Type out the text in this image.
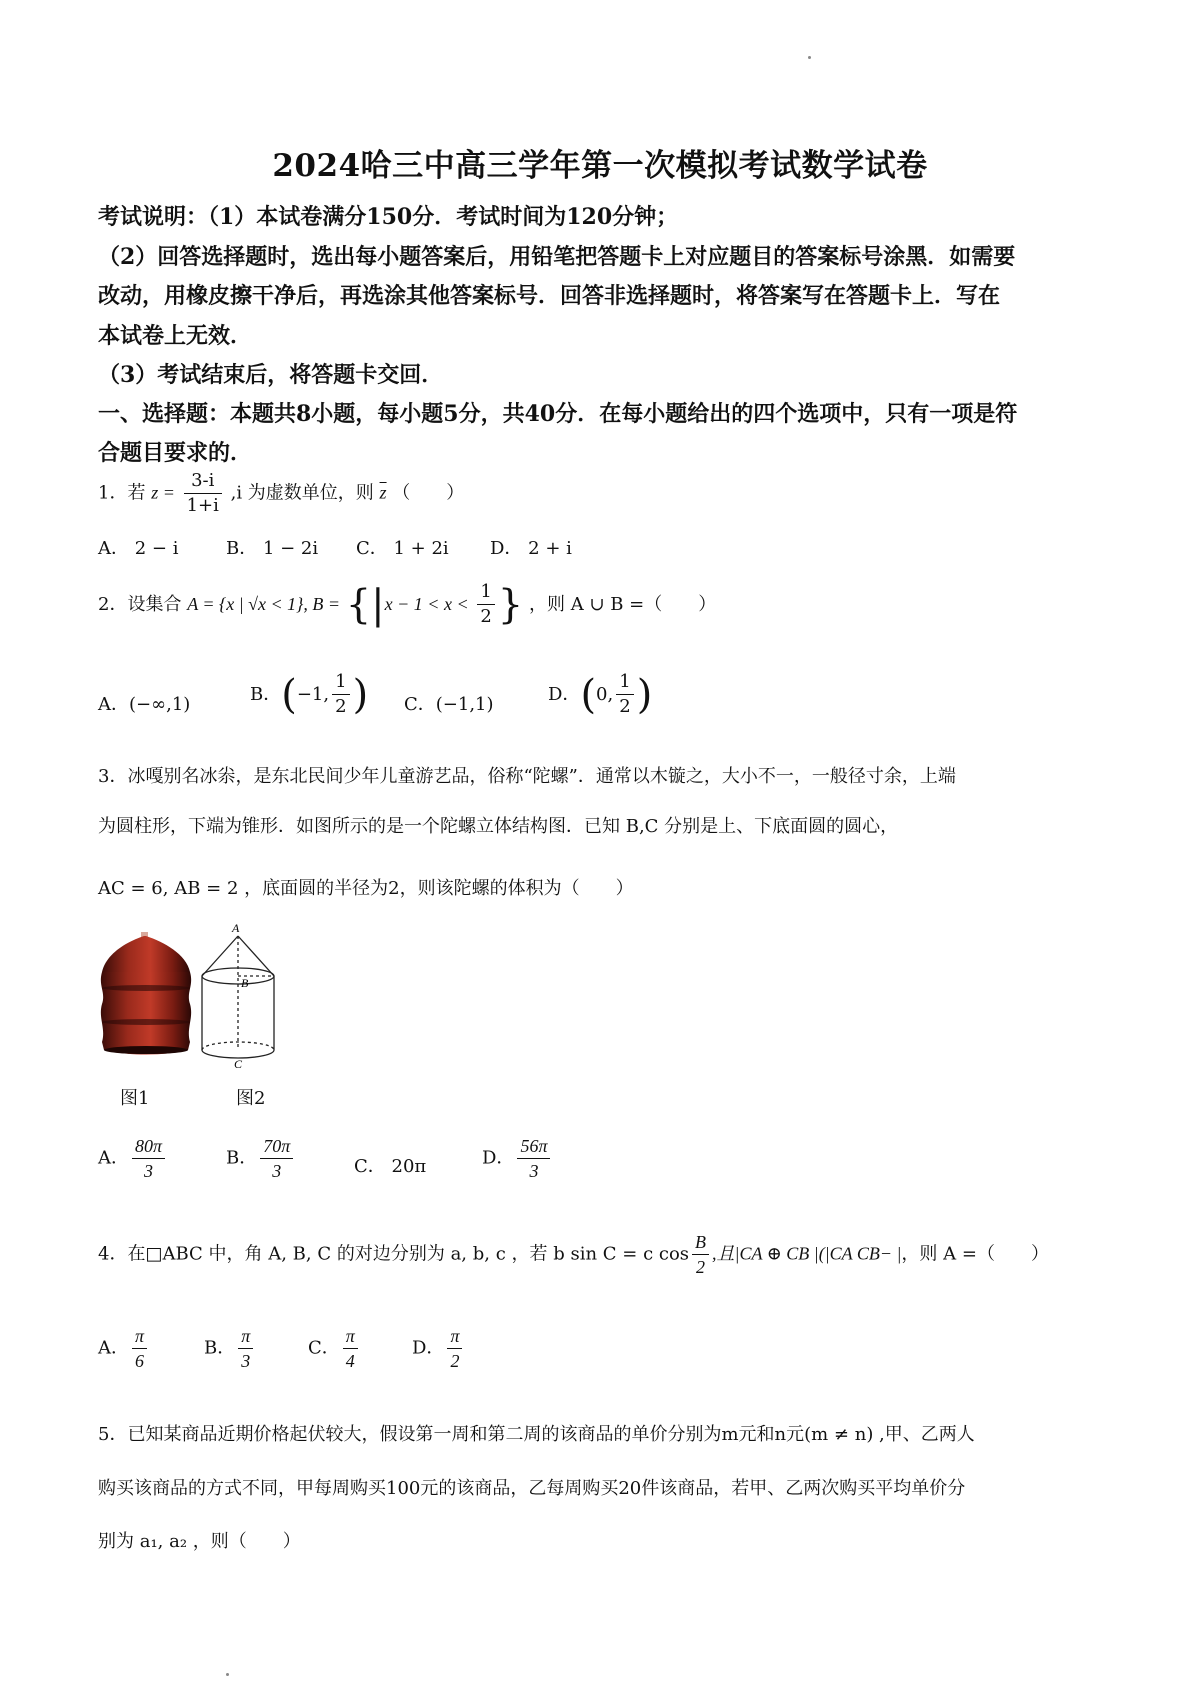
2024哈三中高三学年第一次模拟考试数学试卷
考试说明：（1）本试卷满分150分．考试时间为120分钟；
（2）回答选择题时，选出每小题答案后，用铅笔把答题卡上对应题目的答案标号涂黑．如需要
改动，用橡皮擦干净后，再选涂其他答案标号．回答非选择题时，将答案写在答题卡上．写在
本试卷上无效．
（3）考试结束后，将答题卡交回．
一、选择题：本题共8小题，每小题5分，共40分．在每小题给出的四个选项中，只有一项是符
合题目要求的．
1．若 $z = \frac{3-i}{1+i} ,i$ 为虚数单位，则 $\overline{z}$ （　　）
A． 2 − i	B． 1 − 2i C． 1 + 2i D． 2 + i
2．设集合 A = {x | √x < 1}, $B = \{|x - 1 < x < \frac{1}{2}$ } ，则 A ∪ B =（　　）
A．(−∞,1)	B．(−1, $\frac{1}{2}$ ) C．(−1,1)	D．(0, $\frac{1}{2}$ )
3．冰嘎别名冰尜，是东北民间少年儿童游艺品，俗称“陀螺”．通常以木镟之，大小不一，一般径寸余，上端
为圆柱形，下端为锥形．如图所示的是一个陀螺立体结构图．已知 B,C 分别是上、下底面圆的圆心，
AC = 6, AB = 2 ，底面圆的半径为2，则该陀螺的体积为（　　）
A
B
C
图1	图2
A． $\frac{80\pi}{3}$	B． $\frac{70\pi}{3}$	C． 20π	D． $\frac{56\pi}{3}$
4．在□ABC 中，角 A, B, C 的对边分别为 a, b, c ，若 b sin C = c $\cos \frac{B}{2}$ ,且|CA ⊕ CB |(|CA CB− |，则 A =（　　）
A． $\frac{\pi}{6}$	B． $\frac{\pi}{3}$	C． $\frac{\pi}{4}$	D． $\frac{\pi}{2}$
5．已知某商品近期价格起伏较大，假设第一周和第二周的该商品的单价分别为m元和n元(m ≠ n) ,甲、乙两人
购买该商品的方式不同，甲每周购买100元的该商品，乙每周购买20件该商品，若甲、乙两次购买平均单价分
别为 a₁, a₂ ，则（　　）
